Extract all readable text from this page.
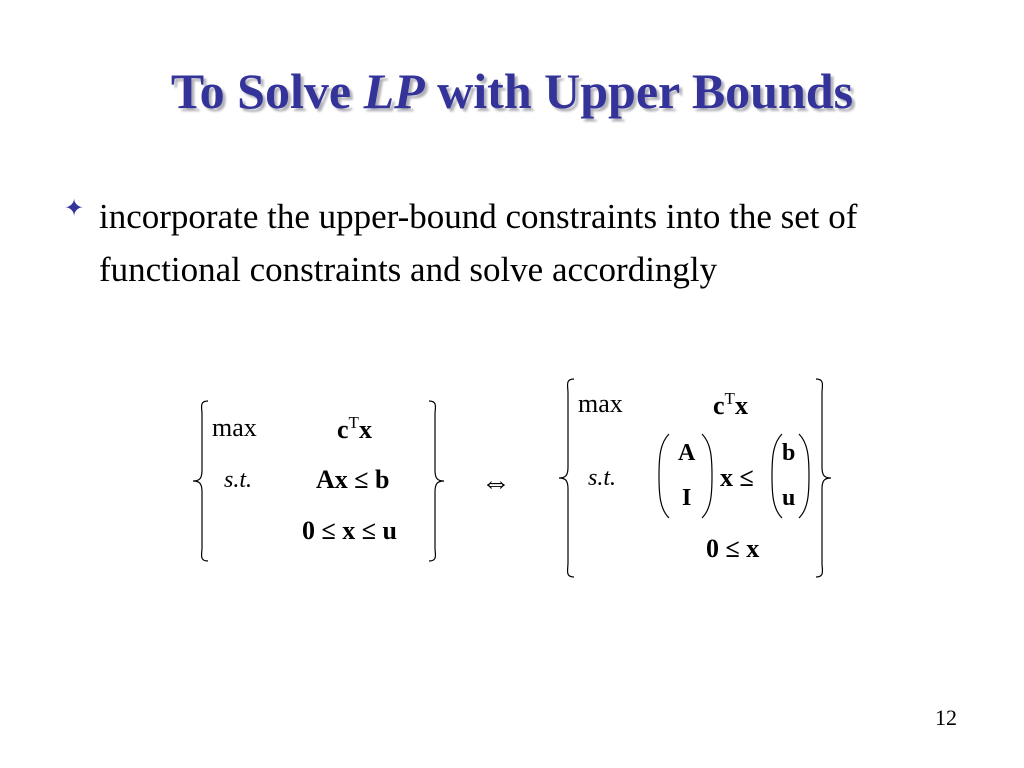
To Solve LP with Upper Bounds
✦ incorporate the upper-bound constraints into the set of functional constraints and solve accordingly
max	$c^Tx$
s.t. Ax ≤ b
0 ≤ x ≤ u
⇔
max	$c^Tx$
s.t.
A
I
x ≤
b
u
0 ≤ x
12
